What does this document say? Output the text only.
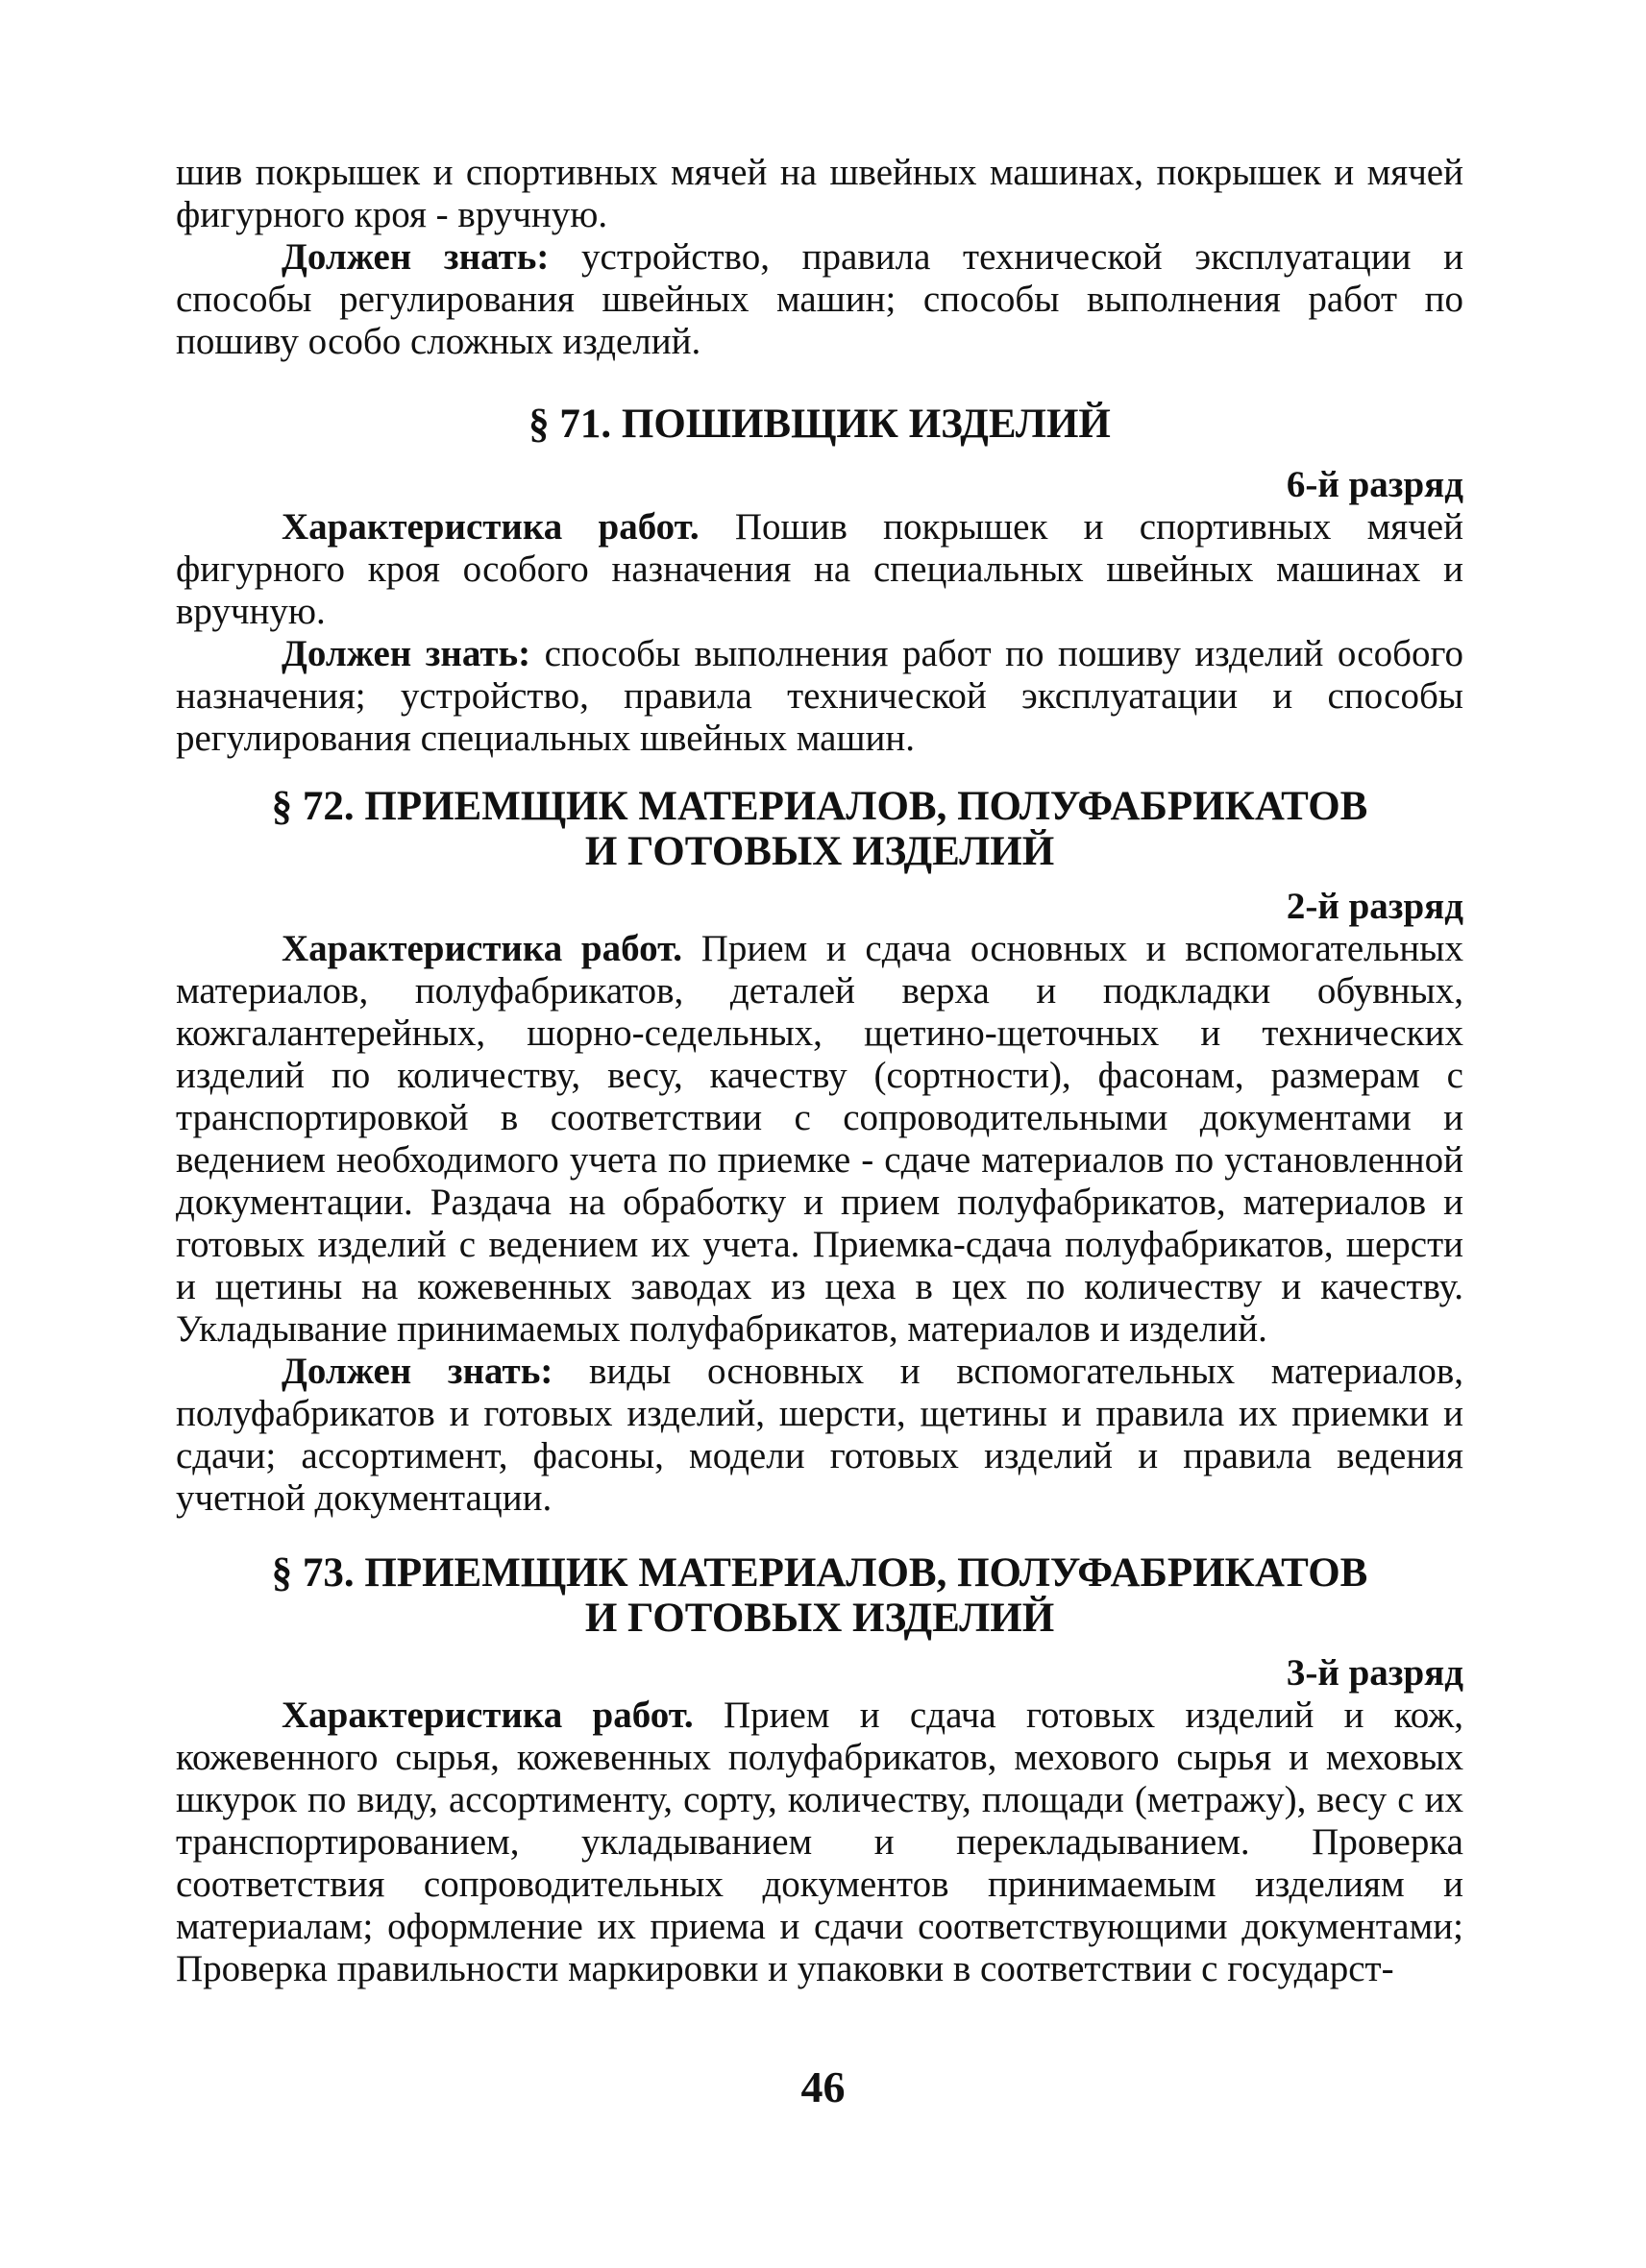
шив покрышек и спортивных мячей на швейных машинах, покрышек и мячей фигурного кроя - вручную.

Должен знать: устройство, правила технической эксплуатации и способы регулирования швейных машин; способы выполнения работ по пошиву особо сложных изделий.

§ 71. ПОШИВЩИК ИЗДЕЛИЙ

6-й разряд

Характеристика работ. Пошив покрышек и спортивных мячей фигурного кроя особого назначения на специальных швейных машинах и вручную.

Должен знать: способы выполнения работ по пошиву изделий особого назначения; устройство, правила технической эксплуатации и способы регулирования специальных швейных машин.

§ 72. ПРИЕМЩИК МАТЕРИАЛОВ, ПОЛУФАБРИКАТОВ

И ГОТОВЫХ ИЗДЕЛИЙ

2-й разряд

Характеристика работ. Прием и сдача основных и вспомогательных материалов, полуфабрикатов, деталей верха и подкладки обувных, кожгалантерейных, шорно-седельных, щетино-щеточных и технических изделий по количеству, весу, качеству (сортности), фасонам, размерам с транспортировкой в соответствии с сопроводительными документами и ведением необходимого учета по приемке - сдаче материалов по установленной документации. Раздача на обработку и прием полуфабрикатов, материалов и готовых изделий с ведением их учета. Приемка-сдача полуфабрикатов, шерсти и щетины на кожевенных заводах из цеха в цех по количеству и качеству. Укладывание принимаемых полуфабрикатов, материалов и изделий.

Должен знать: виды основных и вспомогательных материалов, полуфабрикатов и готовых изделий, шерсти, щетины и правила их приемки и сдачи; ассортимент, фасоны, модели готовых изделий и правила ведения учетной документации.

§ 73. ПРИЕМЩИК МАТЕРИАЛОВ, ПОЛУФАБРИКАТОВ

И ГОТОВЫХ ИЗДЕЛИЙ

3-й разряд

Характеристика работ. Прием и сдача готовых изделий и кож, кожевенного сырья, кожевенных полуфабрикатов, мехового сырья и меховых шкурок по виду, ассортименту, сорту, количеству, площади (метражу), весу с их транспортированием, укладыванием и перекладыванием. Проверка соответствия сопроводительных документов принимаемым изделиям и материалам; оформление их приема и сдачи соответствующими документами; Проверка правильности маркировки и упаковки в соответствии с государст-

46
